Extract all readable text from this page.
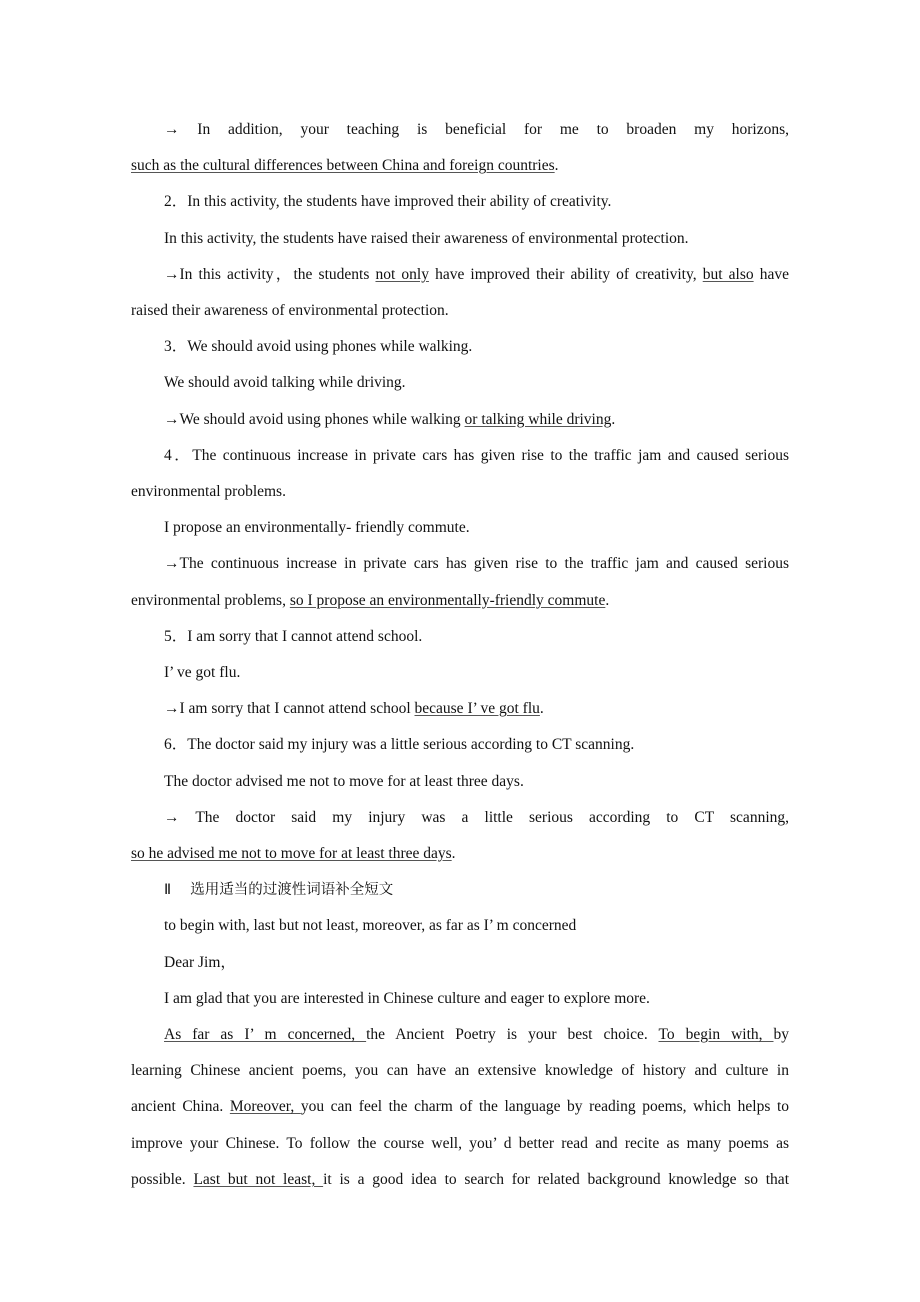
→ In addition, your teaching is beneficial for me to broaden my horizons,
such as the cultural differences between China and foreign countries.
2．In this activity, the students have improved their ability of creativity.
In this activity, the students have raised their awareness of environmental protection.
→In this activity，the students not only have improved their ability of creativity, but also have
raised their awareness of environmental protection.
3．We should avoid using phones while walking.
We should avoid talking while driving.
→We should avoid using phones while walking or talking while driving.
4．The continuous increase in private cars has given rise to the traffic jam and caused serious
environmental problems.
I propose an environmentally‑ friendly commute.
→The continuous increase in private cars has given rise to the traffic jam and caused serious
environmental problems, so I propose an environmentally-friendly commute.
5．I am sorry that I cannot attend school.
I’ ve got flu.
→I am sorry that I cannot attend school because I’ ve got flu.
6．The doctor said my injury was a little serious according to CT scanning.
The doctor advised me not to move for at least three days.
→ The doctor said my injury was a little serious according to CT scanning,
so he advised me not to move for at least three days.
Ⅱ　 选用适当的过渡性词语补全短文
to begin with, last but not least, moreover, as far as I’ m concerned
Dear Jim，
I am glad that you are interested in Chinese culture and eager to explore more.
As far as I’ m concerned, the Ancient Poetry is your best choice. To begin with, by
learning Chinese ancient poems, you can have an extensive knowledge of history and culture in
ancient China. Moreover, you can feel the charm of the language by reading poems, which helps to
improve your Chinese. To follow the course well, you’ d better read and recite as many poems as
possible. Last but not least, it is a good idea to search for related background knowledge so that
